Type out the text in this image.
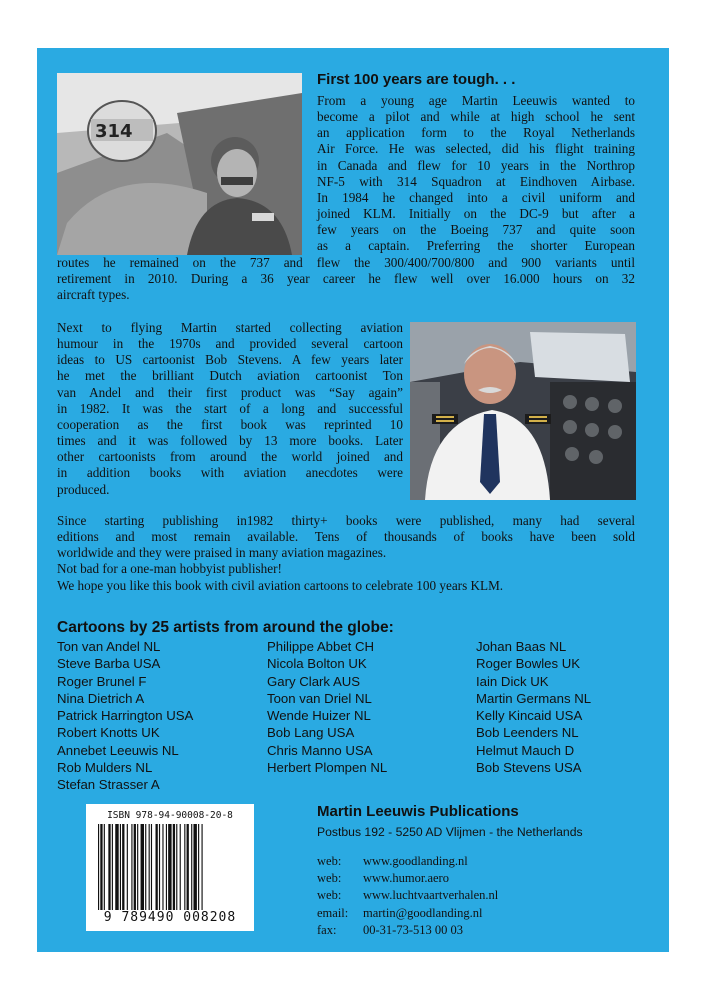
314
First 100 years are tough. . .
From a young age Martin Leeuwis wanted to
become a pilot and while at high school he sent
an application form to the Royal Netherlands
Air Force. He was selected, did his flight training
in Canada and flew for 10 years in the Northrop
NF-5 with 314 Squadron at Eindhoven Airbase.
In 1984 he changed into a civil uniform and
joined KLM. Initially on the DC-9 but after a
few years on the Boeing 737 and quite soon
as a captain. Preferring the shorter European
routes he remained on the 737 and flew the 300/400/700/800 and 900 variants until
retirement in 2010. During a 36 year career he flew well over 16.000 hours on 32
aircraft types.
Next to flying Martin started collecting aviation
humour in the 1970s and provided several cartoon
ideas to US cartoonist Bob Stevens. A few years later
he met the brilliant Dutch aviation cartoonist Ton
van Andel and their first product was “Say again”
in 1982. It was the start of a long and successful
cooperation as the first book was reprinted 10
times and it was followed by 13 more books. Later
other cartoonists from around the world joined and
in addition books with aviation anecdotes were
produced.
Since starting publishing in1982 thirty+ books were published, many had several
editions and most remain available. Tens of thousands of books have been sold
worldwide and they were praised in many aviation magazines.
Not bad for a one-man hobbyist publisher!
We hope you like this book with civil aviation cartoons to celebrate 100 years KLM.
Cartoons by 25 artists from around the globe:
Ton van Andel NL
Steve Barba USA
Roger Brunel F
Nina Dietrich A
Patrick Harrington USA
Robert Knotts UK
Annebet Leeuwis NL
Rob Mulders NL
Stefan Strasser A
Philippe Abbet CH
Nicola Bolton UK
Gary Clark AUS
Toon van Driel NL
Wende Huizer NL
Bob Lang USA
Chris Manno USA
Herbert Plompen NL
Johan Baas NL
Roger Bowles UK
Iain Dick UK
Martin Germans NL
Kelly Kincaid USA
Bob Leenders NL
Helmut Mauch D
Bob Stevens USA
ISBN 978-94-90008-20-8
9 789490 008208
Martin Leeuwis Publications
Postbus 192 - 5250 AD Vlijmen - the Netherlands
web:	www.goodlanding.nl
web:	www.humor.aero
web:	www.luchtvaartverhalen.nl
email:	martin@goodlanding.nl
fax:	00-31-73-513 00 03
